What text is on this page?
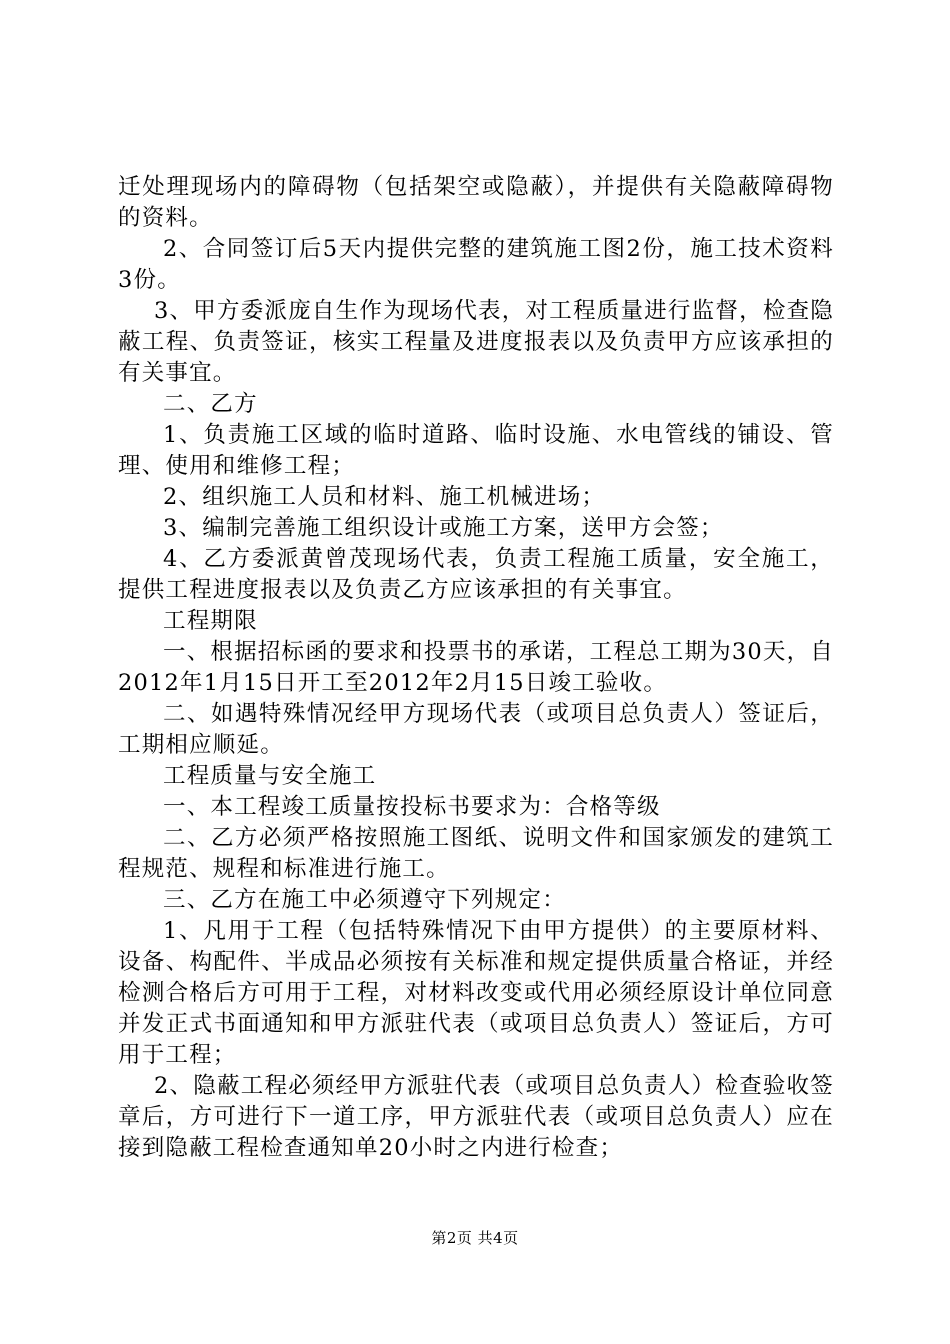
迁处理现场内的障碍物（包括架空或隐蔽），并提供有关隐蔽障碍物的资料。

2、合同签订后5天内提供完整的建筑施工图2份，施工技术资料3份。

3、甲方委派庞自生作为现场代表，对工程质量进行监督，检查隐蔽工程、负责签证，核实工程量及进度报表以及负责甲方应该承担的有关事宜。

二、乙方

1、负责施工区域的临时道路、临时设施、水电管线的铺设、管理、使用和维修工程；

2、组织施工人员和材料、施工机械进场；

3、编制完善施工组织设计或施工方案，送甲方会签；

4、乙方委派黄曾茂现场代表，负责工程施工质量，安全施工，提供工程进度报表以及负责乙方应该承担的有关事宜。

工程期限

一、根据招标函的要求和投票书的承诺，工程总工期为30天，自2012年1月15日开工至2012年2月15日竣工验收。

二、如遇特殊情况经甲方现场代表（或项目总负责人）签证后，工期相应顺延。

工程质量与安全施工

一、本工程竣工质量按投标书要求为：合格等级

二、乙方必须严格按照施工图纸、说明文件和国家颁发的建筑工程规范、规程和标准进行施工。

三、乙方在施工中必须遵守下列规定：

1、凡用于工程（包括特殊情况下由甲方提供）的主要原材料、设备、构配件、半成品必须按有关标准和规定提供质量合格证，并经检测合格后方可用于工程，对材料改变或代用必须经原设计单位同意并发正式书面通知和甲方派驻代表（或项目总负责人）签证后，方可用于工程；

2、隐蔽工程必须经甲方派驻代表（或项目总负责人）检查验收签章后，方可进行下一道工序，甲方派驻代表（或项目总负责人）应在接到隐蔽工程检查通知单20小时之内进行检查；

第2页 共4页
